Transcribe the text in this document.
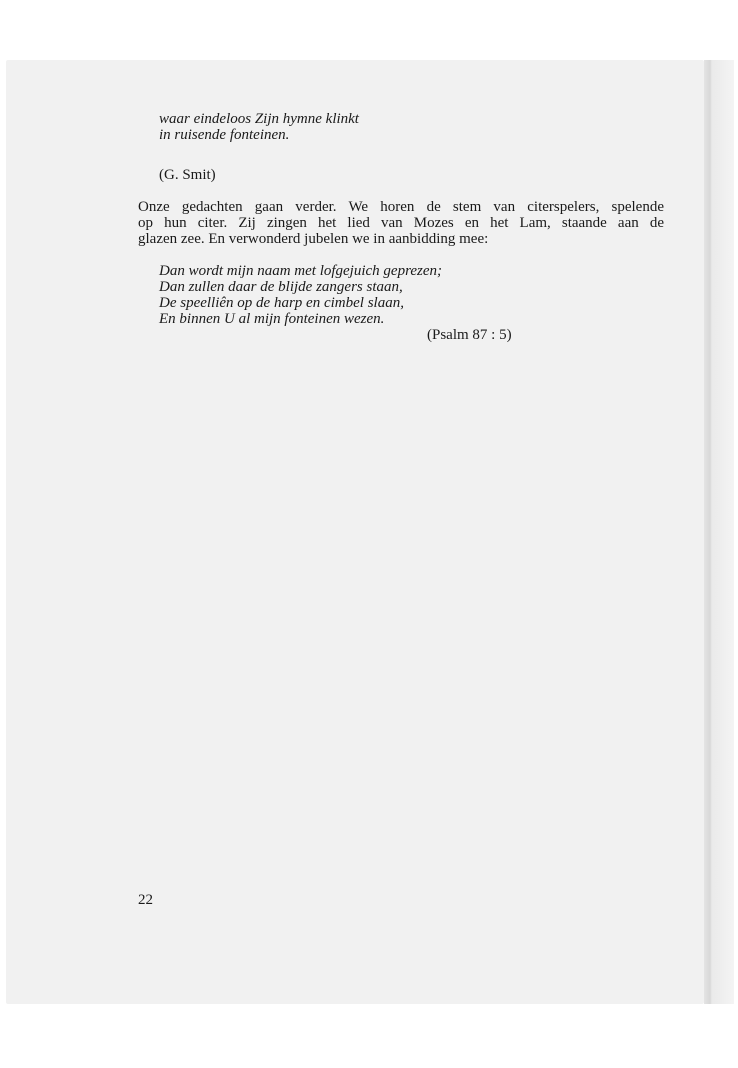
waar eindeloos Zijn hymne klinkt
in ruisende fonteinen.
(G. Smit)
Onze gedachten gaan verder. We horen de stem van citerspelers, spelende
op hun citer. Zij zingen het lied van Mozes en het Lam, staande aan de
glazen zee. En verwonderd jubelen we in aanbidding mee:
Dan wordt mijn naam met lofgejuich geprezen;
Dan zullen daar de blijde zangers staan,
De speelliên op de harp en cimbel slaan,
En binnen U al mijn fonteinen wezen.
(Psalm 87 : 5)
22
